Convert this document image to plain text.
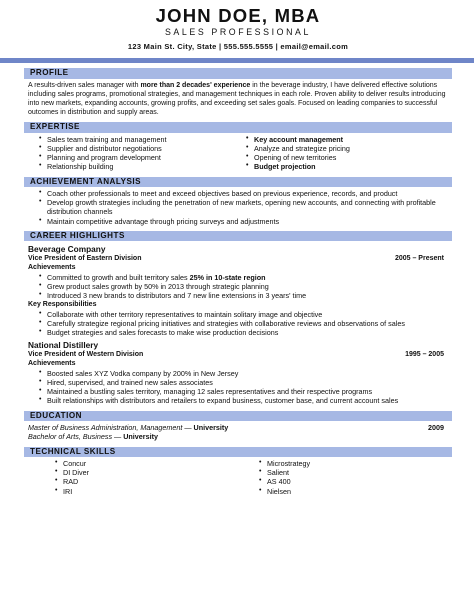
JOHN DOE, MBA
SALES PROFESSIONAL
123 Main St. City, State | 555.555.5555 | email@email.com
PROFILE
A results-driven sales manager with more than 2 decades' experience in the beverage industry, I have delivered effective solutions including sales programs, promotional strategies, and management techniques in each role. Proven ability to deliver results introducing into new markets, expanding accounts, growing profits, and exceeding set sales goals. Focused on leading companies to successful outcomes in distribution and supply areas.
EXPERTISE
• Sales team training and management
• Supplier and distributor negotiations
• Planning and program development
• Relationship building
• Key account management
• Analyze and strategize pricing
• Opening of new territories
• Budget projection
ACHIEVEMENT ANALYSIS
• Coach other professionals to meet and exceed objectives based on previous experience, records, and product
• Develop growth strategies including the penetration of new markets, opening new accounts, and connecting with profitable distribution channels
• Maintain competitive advantage through pricing surveys and adjustments
CAREER HIGHLIGHTS
Beverage Company
Vice President of Eastern Division	2005 – Present
Achievements
• Committed to growth and built territory sales 25% in 10-state region
• Grew product sales growth by 50% in 2013 through strategic planning
• Introduced 3 new brands to distributors and 7 new line extensions in 3 years' time
Key Responsibilities
• Collaborate with other territory representatives to maintain solitary image and objective
• Carefully strategize regional pricing initiatives and strategies with collaborative reviews and observations of sales
• Budget strategies and sales forecasts to make wise production decisions
National Distillery
Vice President of Western Division	1995 – 2005
Achievements
• Boosted sales XYZ Vodka company by 200% in New Jersey
• Hired, supervised, and trained new sales associates
• Maintained a bustling sales territory, managing 12 sales representatives and their respective programs
• Built relationships with distributors and retailers to expand business, customer base, and current account sales
EDUCATION
Master of Business Administration, Management — University	2009
Bachelor of Arts, Business — University
TECHNICAL SKILLS
• Concur
• DI Diver
• RAD
• IRI
• Microstrategy
• Salient
• AS 400
• Nielsen
